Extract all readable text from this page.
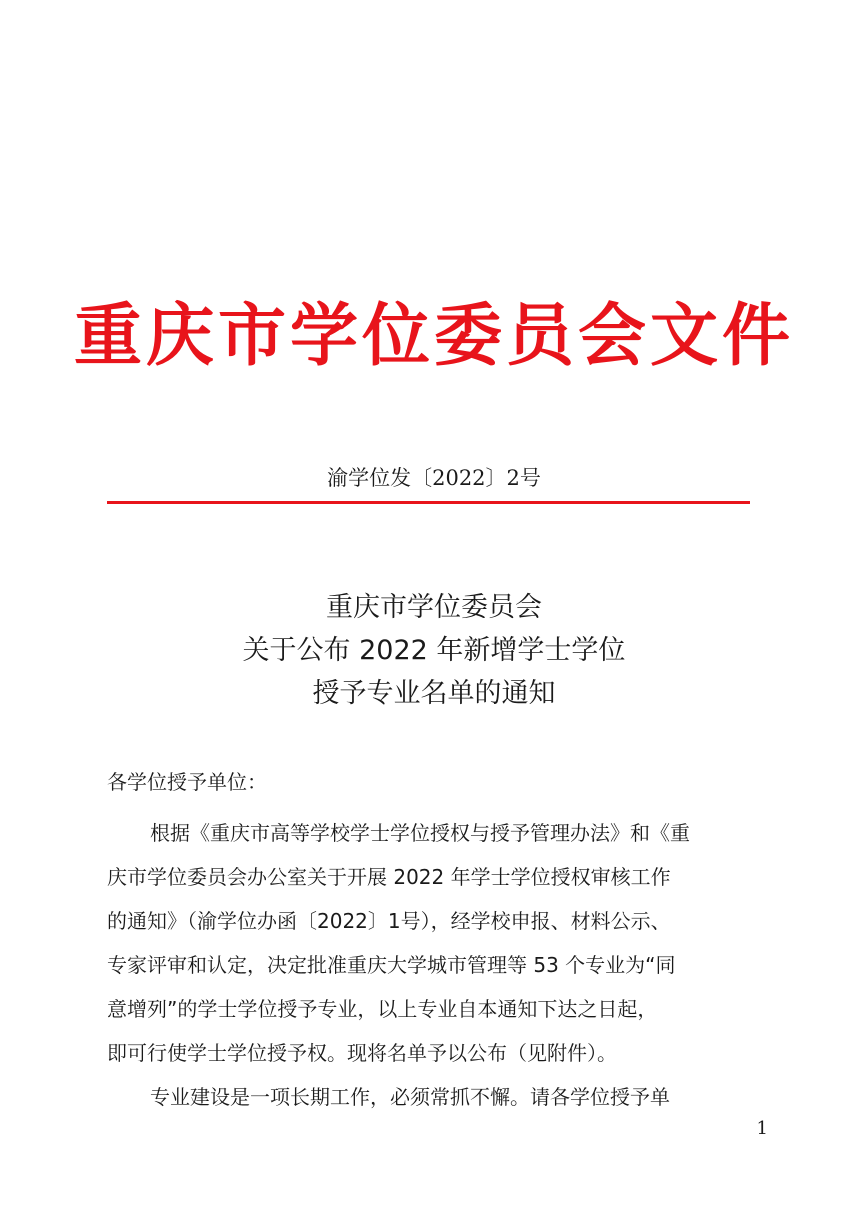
重庆市学位委员会文件
渝学位发〔2022〕2号
重庆市学位委员会
关于公布 2022 年新增学士学位
授予专业名单的通知
各学位授予单位：
根据《重庆市高等学校学士学位授权与授予管理办法》和《重
庆市学位委员会办公室关于开展 2022 年学士学位授权审核工作
的通知》（渝学位办函〔2022〕1号），经学校申报、材料公示、
专家评审和认定，决定批准重庆大学城市管理等 53 个专业为“同
意增列”的学士学位授予专业，以上专业自本通知下达之日起，
即可行使学士学位授予权。现将名单予以公布（见附件）。
专业建设是一项长期工作，必须常抓不懈。请各学位授予单
1
